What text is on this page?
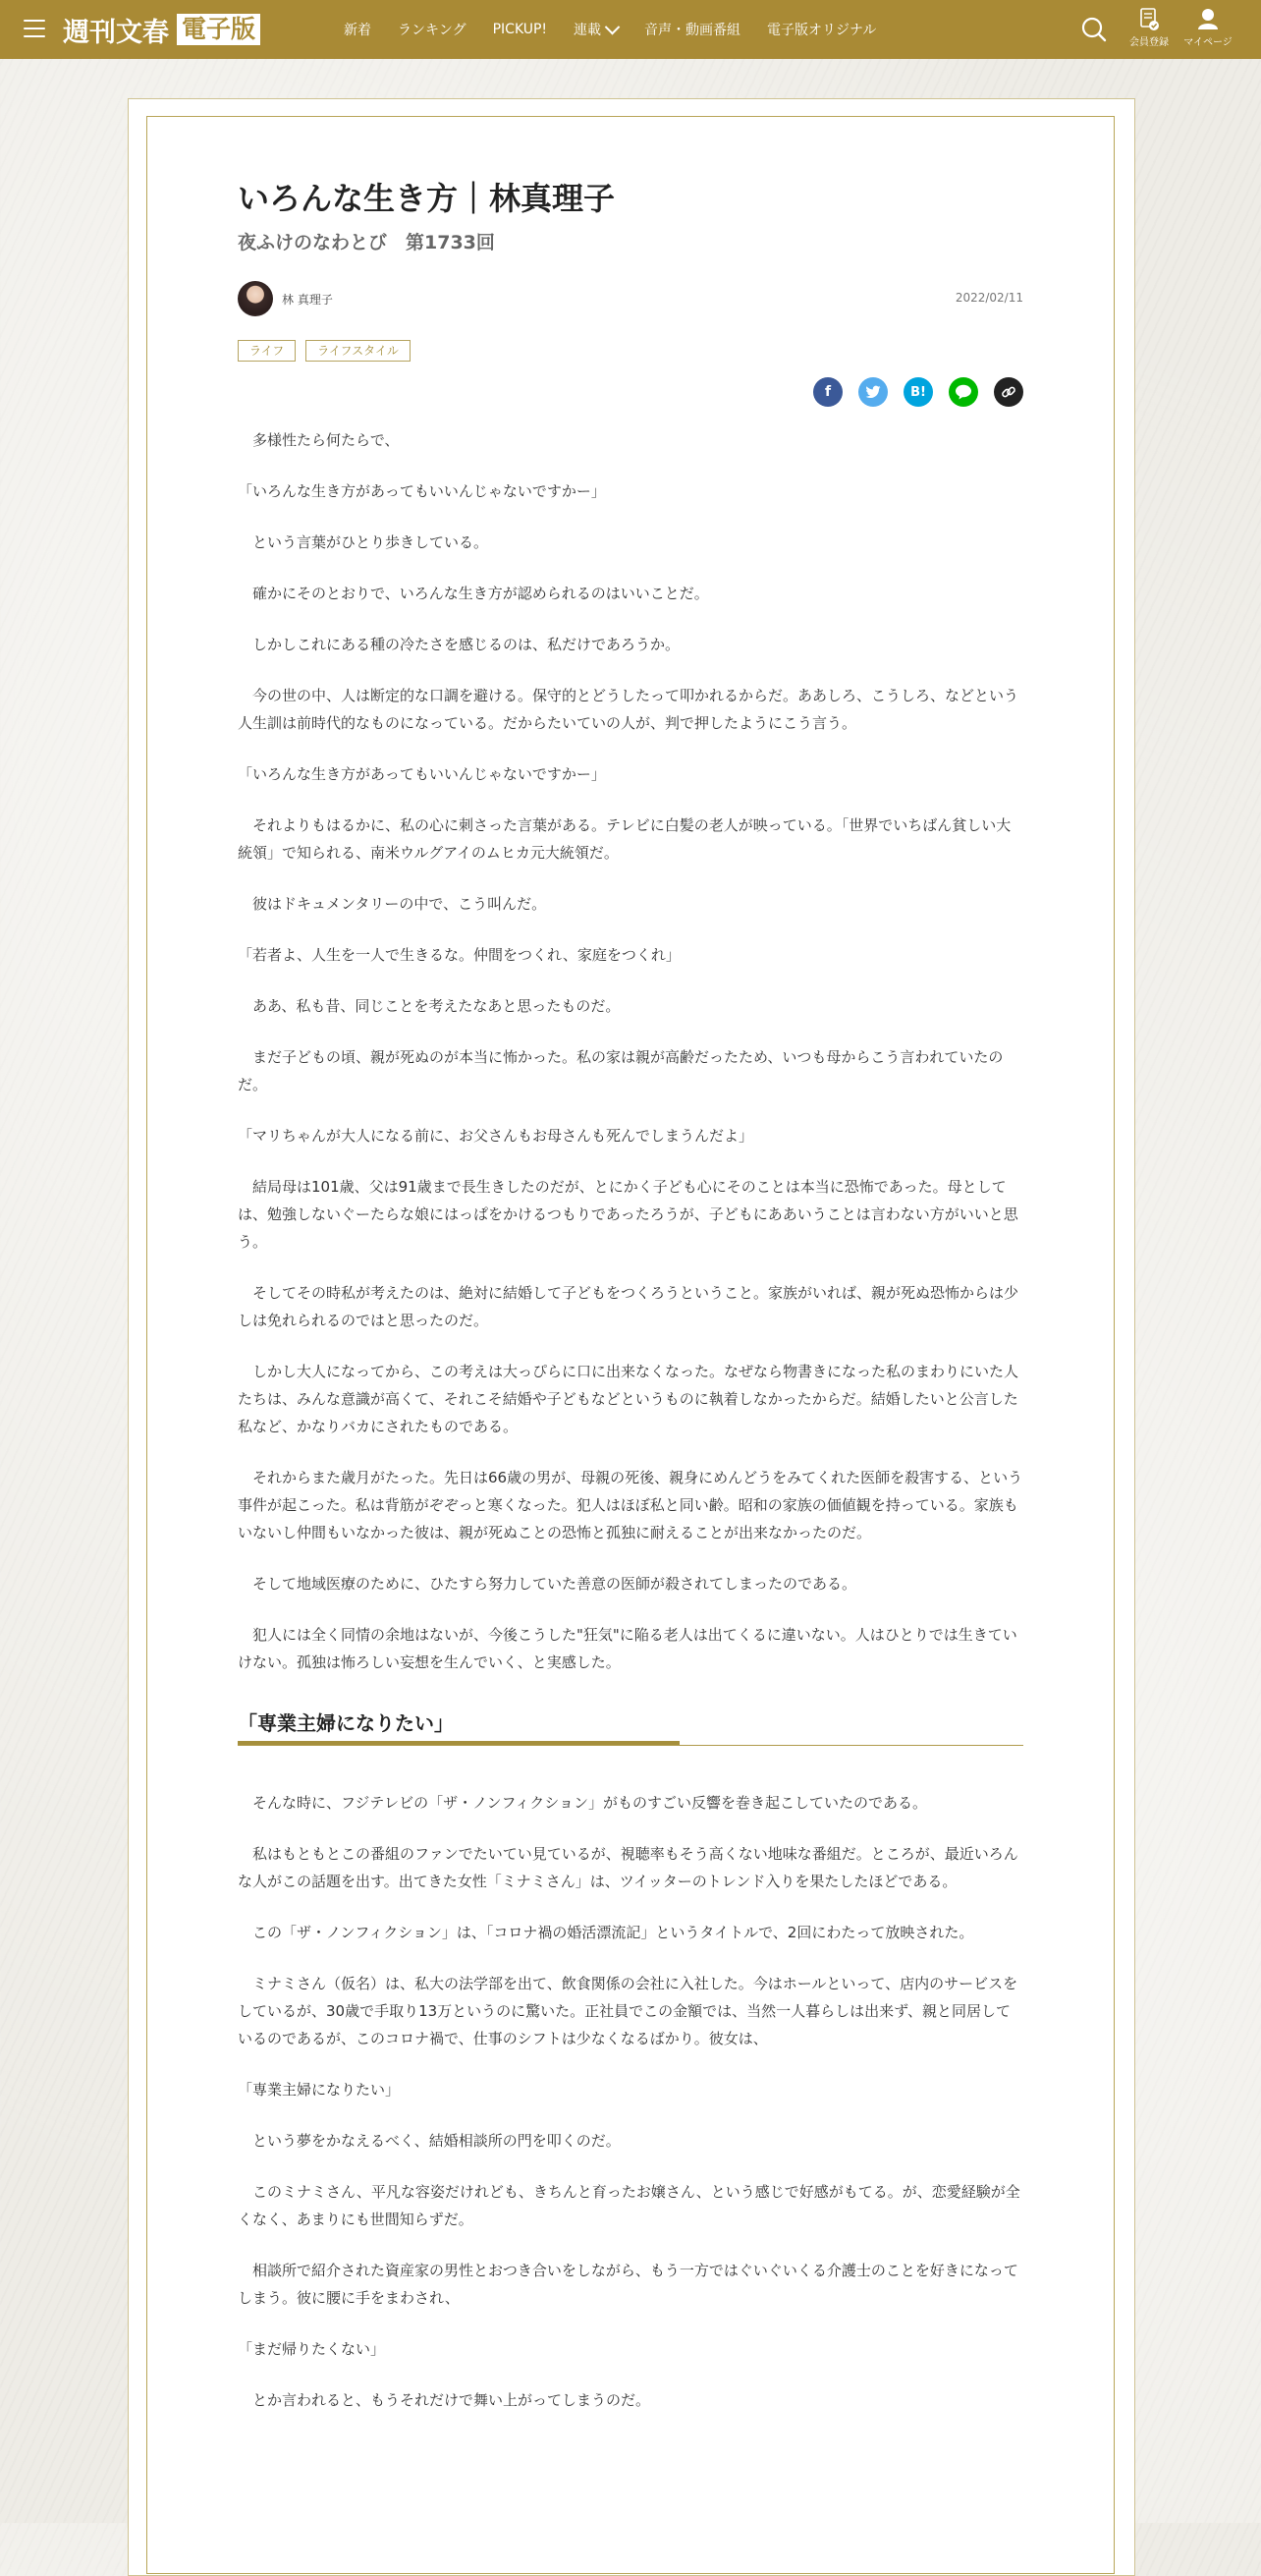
週刊文春 電子版	新着 ランキング PICKUP! 連載	音声・動画番組 電子版オリジナル
会員登録	マイページ
いろんな生き方｜林真理子
夜ふけのなわとび　第1733回
林 真理子	2022/02/11
ライフ	ライフスタイル
f	B!

多様性たら何たらで、

「いろんな生き方があってもいいんじゃないですかー」

という言葉がひとり歩きしている。

確かにそのとおりで、いろんな生き方が認められるのはいいことだ。

しかしこれにある種の冷たさを感じるのは、私だけであろうか。

今の世の中、人は断定的な口調を避ける。保守的とどうしたって叩かれるからだ。ああしろ、こうしろ、などという人生訓は前時代的なものになっている。だからたいていの人が、判で押したようにこう言う。

「いろんな生き方があってもいいんじゃないですかー」

それよりもはるかに、私の心に刺さった言葉がある。テレビに白髪の老人が映っている。「世界でいちばん貧しい大統領」で知られる、南米ウルグアイのムヒカ元大統領だ。

彼はドキュメンタリーの中で、こう叫んだ。

「若者よ、人生を一人で生きるな。仲間をつくれ、家庭をつくれ」

ああ、私も昔、同じことを考えたなあと思ったものだ。

まだ子どもの頃、親が死ぬのが本当に怖かった。私の家は親が高齢だったため、いつも母からこう言われていたのだ。

「マリちゃんが大人になる前に、お父さんもお母さんも死んでしまうんだよ」

結局母は101歳、父は91歳まで長生きしたのだが、とにかく子ども心にそのことは本当に恐怖であった。母としては、勉強しないぐーたらな娘にはっぱをかけるつもりであったろうが、子どもにああいうことは言わない方がいいと思う。

そしてその時私が考えたのは、絶対に結婚して子どもをつくろうということ。家族がいれば、親が死ぬ恐怖からは少しは免れられるのではと思ったのだ。

しかし大人になってから、この考えは大っぴらに口に出来なくなった。なぜなら物書きになった私のまわりにいた人たちは、みんな意識が高くて、それこそ結婚や子どもなどというものに執着しなかったからだ。結婚したいと公言した私など、かなりバカにされたものである。

それからまた歳月がたった。先日は66歳の男が、母親の死後、親身にめんどうをみてくれた医師を殺害する、という事件が起こった。私は背筋がぞぞっと寒くなった。犯人はほぼ私と同い齢。昭和の家族の価値観を持っている。家族もいないし仲間もいなかった彼は、親が死ぬことの恐怖と孤独に耐えることが出来なかったのだ。

そして地域医療のために、ひたすら努力していた善意の医師が殺されてしまったのである。

犯人には全く同情の余地はないが、今後こうした"狂気"に陥る老人は出てくるに違いない。人はひとりでは生きていけない。孤独は怖ろしい妄想を生んでいく、と実感した。

「専業主婦になりたい」

そんな時に、フジテレビの「ザ・ノンフィクション」がものすごい反響を巻き起こしていたのである。

私はもともとこの番組のファンでたいてい見ているが、視聴率もそう高くない地味な番組だ。ところが、最近いろんな人がこの話題を出す。出てきた女性「ミナミさん」は、ツイッターのトレンド入りを果たしたほどである。

この「ザ・ノンフィクション」は、「コロナ禍の婚活漂流記」というタイトルで、2回にわたって放映された。

ミナミさん（仮名）は、私大の法学部を出て、飲食関係の会社に入社した。今はホールといって、店内のサービスをしているが、30歳で手取り13万というのに驚いた。正社員でこの金額では、当然一人暮らしは出来ず、親と同居しているのであるが、このコロナ禍で、仕事のシフトは少なくなるばかり。彼女は、

「専業主婦になりたい」

という夢をかなえるべく、結婚相談所の門を叩くのだ。

このミナミさん、平凡な容姿だけれども、きちんと育ったお嬢さん、という感じで好感がもてる。が、恋愛経験が全くなく、あまりにも世間知らずだ。

相談所で紹介された資産家の男性とおつき合いをしながら、もう一方ではぐいぐいくる介護士のことを好きになってしまう。彼に腰に手をまわされ、

「まだ帰りたくない」

とか言われると、もうそれだけで舞い上がってしまうのだ。
